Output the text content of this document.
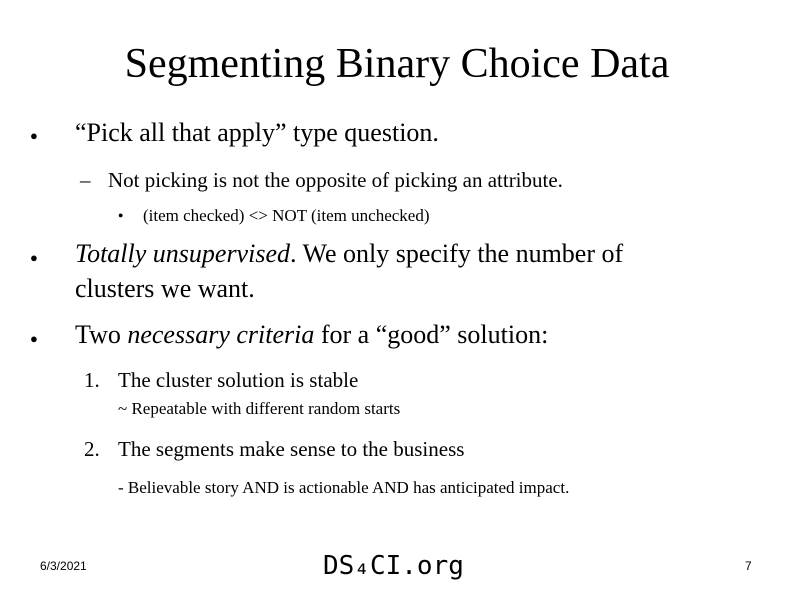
Segmenting Binary Choice Data
● “Pick all that apply” type question.
– Not picking is not the opposite of picking an attribute.
● (item checked) <> NOT (item unchecked)
● Totally unsupervised. We only specify the number of
clusters we want.
● Two necessary criteria for a “good” solution:
1. The cluster solution is stable
~ Repeatable with different random starts
2. The segments make sense to the business
- Believable story AND is actionable AND has anticipated impact.
6/3/2021	DS₄CI.org	7
